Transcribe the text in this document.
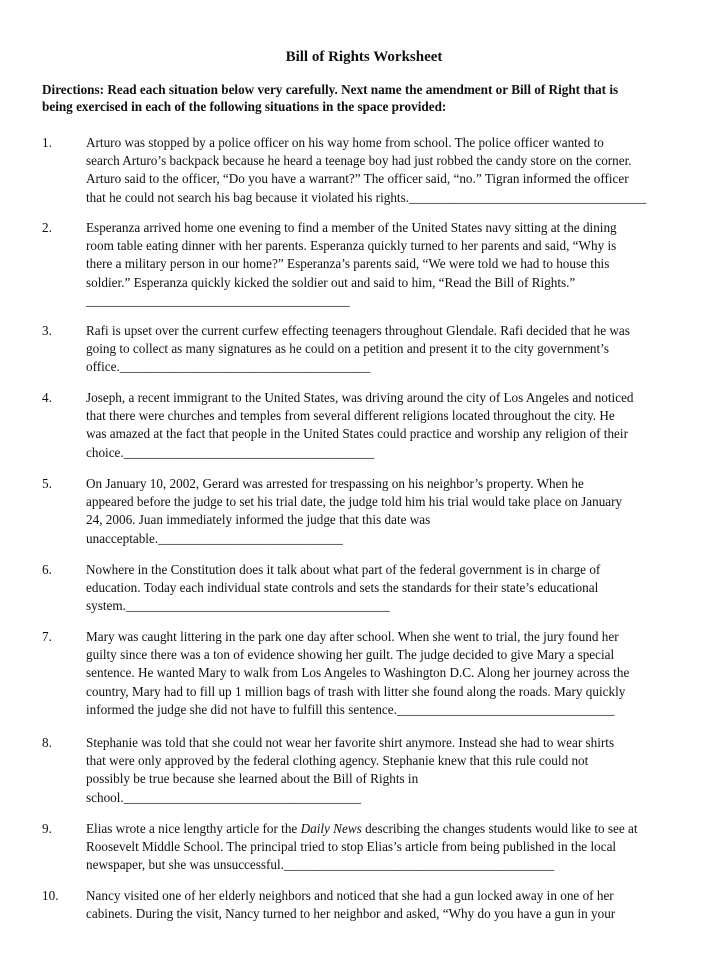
Bill of Rights Worksheet
Directions: Read each situation below very carefully. Next name the amendment or Bill of Right that is
being exercised in each of the following situations in the space provided:
1.	Arturo was stopped by a police officer on his way home from school. The police officer wanted to

search Arturo’s backpack because he heard a teenage boy had just robbed the candy store on the corner.

Arturo said to the officer, “Do you have a warrant?” The officer said, “no.” Tigran informed the officer

that he could not search his bag because it violated his rights.____________________________________

2.	Esperanza arrived home one evening to find a member of the United States navy sitting at the dining

room table eating dinner with her parents. Esperanza quickly turned to her parents and said, “Why is

there a military person in our home?” Esperanza’s parents said, “We were told we had to house this

soldier.” Esperanza quickly kicked the soldier out and said to him, “Read the Bill of Rights.”

________________________________________

3.	Rafi is upset over the current curfew effecting teenagers throughout Glendale. Rafi decided that he was

going to collect as many signatures as he could on a petition and present it to the city government’s

office.______________________________________

4.	Joseph, a recent immigrant to the United States, was driving around the city of Los Angeles and noticed

that there were churches and temples from several different religions located throughout the city. He

was amazed at the fact that people in the United States could practice and worship any religion of their

choice.______________________________________

5.	On January 10, 2002, Gerard was arrested for trespassing on his neighbor’s property. When he

appeared before the judge to set his trial date, the judge told him his trial would take place on January

24, 2006. Juan immediately informed the judge that this date was

unacceptable.____________________________

6.	Nowhere in the Constitution does it talk about what part of the federal government is in charge of

education. Today each individual state controls and sets the standards for their state’s educational

system.________________________________________

7.	Mary was caught littering in the park one day after school. When she went to trial, the jury found her

guilty since there was a ton of evidence showing her guilt. The judge decided to give Mary a special

sentence. He wanted Mary to walk from Los Angeles to Washington D.C. Along her journey across the

country, Mary had to fill up 1 million bags of trash with litter she found along the roads. Mary quickly

informed the judge she did not have to fulfill this sentence._________________________________

8.	Stephanie was told that she could not wear her favorite shirt anymore. Instead she had to wear shirts

that were only approved by the federal clothing agency. Stephanie knew that this rule could not

possibly be true because she learned about the Bill of Rights in

school.____________________________________

9.	Elias wrote a nice lengthy article for the Daily News describing the changes students would like to see at

Roosevelt Middle School. The principal tried to stop Elias’s article from being published in the local

newspaper, but she was unsuccessful._________________________________________

10.	Nancy visited one of her elderly neighbors and noticed that she had a gun locked away in one of her

cabinets. During the visit, Nancy turned to her neighbor and asked, “Why do you have a gun in your
